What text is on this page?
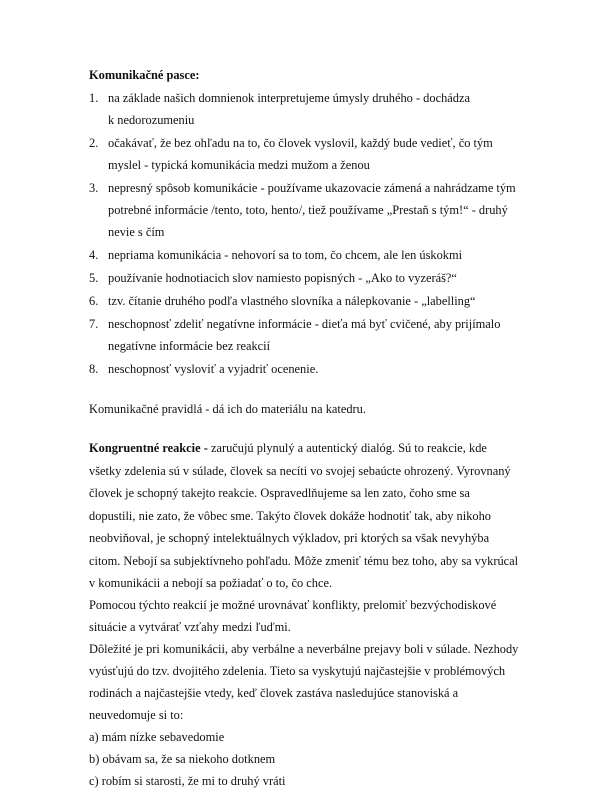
Komunikačné pasce:
1. na základe našich domnienok interpretujeme úmysly druhého - dochádza
k nedorozumeniu
2. očakávať, že bez ohľadu na to, čo človek vyslovil, každý bude vedieť, čo tým
myslel - typická komunikácia medzi mužom a ženou
3. nepresný spôsob komunikácie - používame ukazovacie zámená a nahrádzame tým
potrebné informácie /tento, toto, hento/, tiež používame „Prestaň s tým!“ - druhý
nevie s čím
4. nepriama komunikácia - nehovorí sa to tom, čo chcem, ale len úskokmi
5. používanie hodnotiacich slov namiesto popisných - „Ako to vyzeráš?“
6. tzv. čítanie druhého podľa vlastného slovníka a nálepkovanie - „labelling“
7. neschopnosť zdeliť negatívne informácie - dieťa má byť cvičené, aby prijímalo
negatívne informácie bez reakcií
8. neschopnosť vysloviť a vyjadriť ocenenie.
Komunikačné pravidlá - dá ich do materiálu na katedru.
Kongruentné reakcie - zaručujú plynulý a autentický dialóg. Sú to reakcie, kde
všetky zdelenia sú v súlade, človek sa necíti vo svojej sebaúcte ohrozený. Vyrovnaný
človek je schopný takejto reakcie. Ospravedlňujeme sa len zato, čoho sme sa
dopustili, nie zato, že vôbec sme. Takýto človek dokáže hodnotiť tak, aby nikoho
neobviňoval, je schopný intelektuálnych výkladov, pri ktorých sa však nevyhýba
citom. Nebojí sa subjektívneho pohľadu. Môže zmeniť tému bez toho, aby sa vykrúcal
v komunikácii a nebojí sa požiadať o to, čo chce.
Pomocou týchto reakcií je možné urovnávať konflikty, prelomiť bezvýchodiskové
situácie a vytvárať vzťahy medzi ľuďmi.
Dôležité je pri komunikácii, aby verbálne a neverbálne prejavy boli v súlade. Nezhody
vyúsťujú do tzv. dvojitého zdelenia. Tieto sa vyskytujú najčastejšie v problémových
rodinách a najčastejšie vtedy, keď človek zastáva nasledujúce stanoviská a
neuvedomuje si to:
a) mám nízke sebavedomie
b) obávam sa, že sa niekoho dotknem
c) robím si starosti, že mi to druhý vráti
